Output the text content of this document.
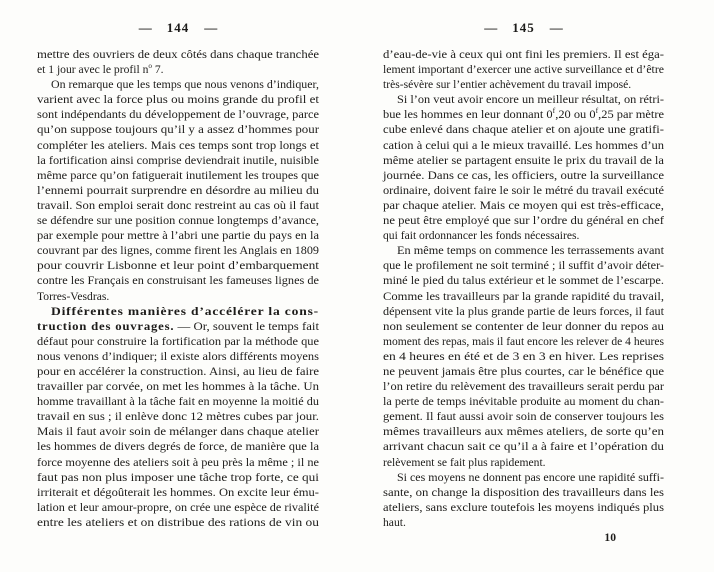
— 144 —
mettre des ouvriers de deux côtés dans chaque tranchée
et 1 jour avec le profil $n^o$ 7.
On remarque que les temps que nous venons d’indiquer,
varient avec la force plus ou moins grande du profil et
sont indépendants du développement de l’ouvrage, parce
qu’on suppose toujours qu’il y a assez d’hommes pour
compléter les ateliers. Mais ces temps sont trop longs et
la fortification ainsi comprise deviendrait inutile, nuisible
même parce qu’on fatiguerait inutilement les troupes que
l’ennemi pourrait surprendre en désordre au milieu du
travail. Son emploi serait donc restreint au cas où il faut
se défendre sur une position connue longtemps d’avance,
par exemple pour mettre à l’abri une partie du pays en la
couvrant par des lignes, comme firent les Anglais en 1809
pour couvrir Lisbonne et leur point d’embarquement
contre les Français en construisant les fameuses lignes de
Torres-Vesdras.
Différentes manières d’accélérer la cons-
truction des ouvrages. — Or, souvent le temps fait
défaut pour construire la fortification par la méthode que
nous venons d’indiquer; il existe alors différents moyens
pour en accélérer la construction. Ainsi, au lieu de faire
travailler par corvée, on met les hommes à la tâche. Un
homme travaillant à la tâche fait en moyenne la moitié du
travail en sus ; il enlève donc 12 mètres cubes par jour.
Mais il faut avoir soin de mélanger dans chaque atelier
les hommes de divers degrés de force, de manière que la
force moyenne des ateliers soit à peu près la même ; il ne
faut pas non plus imposer une tâche trop forte, ce qui
irriterait et dégoûterait les hommes. On excite leur ému-
lation et leur amour-propre, on crée une espèce de rivalité
entre les ateliers et on distribue des rations de vin ou
— 145 —
d’eau-de-vie à ceux qui ont fini les premiers. Il est éga-
lement important d’exercer une active surveillance et d’être
très-sévère sur l’entier achèvement du travail imposé.
Si l’on veut avoir encore un meilleur résultat, on rétri-
bue les hommes en leur donnant 0$^f$,20 ou 0$^f$,25 par mètre
cube enlevé dans chaque atelier et on ajoute une gratifi-
cation à celui qui a le mieux travaillé. Les hommes d’un
même atelier se partagent ensuite le prix du travail de la
journée. Dans ce cas, les officiers, outre la surveillance
ordinaire, doivent faire le soir le métré du travail exécuté
par chaque atelier. Mais ce moyen qui est très-efficace,
ne peut être employé que sur l’ordre du général en chef
qui fait ordonnancer les fonds nécessaires.
En même temps on commence les terrassements avant
que le profilement ne soit terminé ; il suffit d’avoir déter-
miné le pied du talus extérieur et le sommet de l’escarpe.
Comme les travailleurs par la grande rapidité du travail,
dépensent vite la plus grande partie de leurs forces, il faut
non seulement se contenter de leur donner du repos au
moment des repas, mais il faut encore les relever de 4 heures
en 4 heures en été et de 3 en 3 en hiver. Les reprises
ne peuvent jamais être plus courtes, car le bénéfice que
l’on retire du relèvement des travailleurs serait perdu par
la perte de temps inévitable produite au moment du chan-
gement. Il faut aussi avoir soin de conserver toujours les
mêmes travailleurs aux mêmes ateliers, de sorte qu’en
arrivant chacun sait ce qu’il a à faire et l’opération du
relèvement se fait plus rapidement.
Si ces moyens ne donnent pas encore une rapidité suffi-
sante, on change la disposition des travailleurs dans les
ateliers, sans exclure toutefois les moyens indiqués plus
haut.
10
